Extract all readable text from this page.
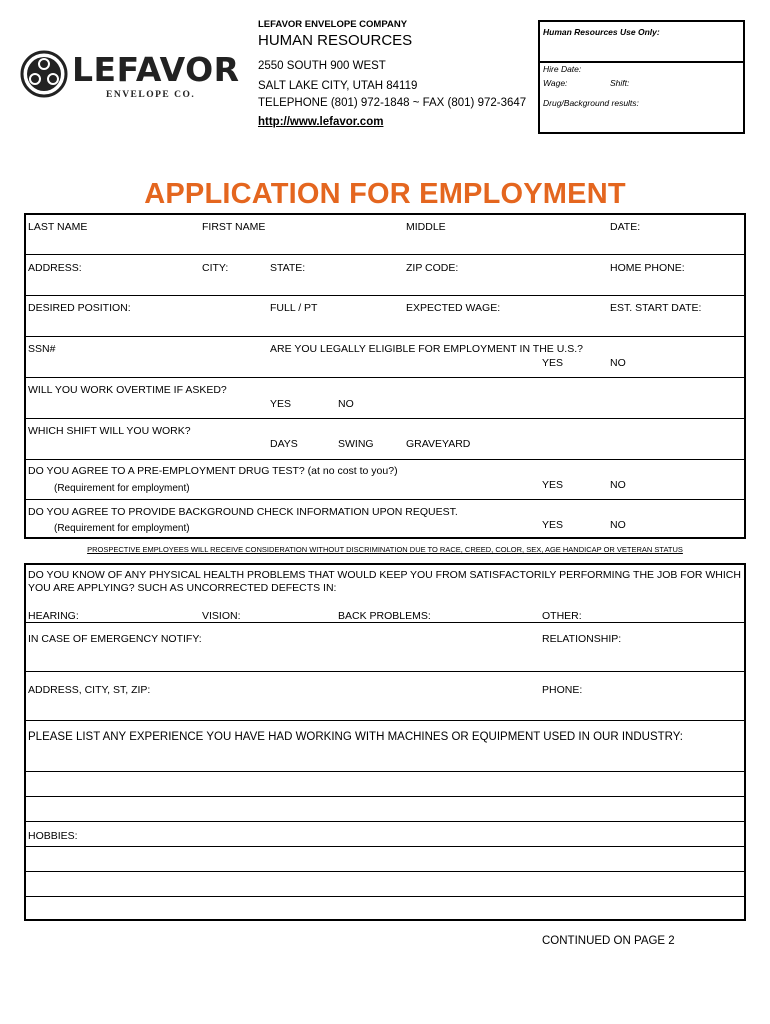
LEFAVOR
ENVELOPE CO.
LEFAVOR ENVELOPE COMPANY
HUMAN RESOURCES
2550 SOUTH 900 WEST
SALT LAKE CITY, UTAH 84119
TELEPHONE (801) 972-1848 ~ FAX (801) 972-3647
http://www.lefavor.com
Human Resources Use Only:
Hire Date:
Wage:	Shift:
Drug/Background results:
APPLICATION FOR EMPLOYMENT
LAST NAME	FIRST NAME	MIDDLE	DATE:
ADDRESS:	CITY:	STATE:	ZIP CODE:	HOME PHONE:
DESIRED POSITION:	FULL / PT	EXPECTED WAGE:	EST. START DATE:
SSN#	ARE YOU LEGALLY ELIGIBLE FOR EMPLOYMENT IN THE U.S.?
YES	NO
WILL YOU WORK OVERTIME IF ASKED?
YES	NO
WHICH SHIFT WILL YOU WORK?
DAYS	SWING	GRAVEYARD
DO YOU AGREE TO A PRE-EMPLOYMENT DRUG TEST? (at no cost to you?)
(Requirement for employment)	YES	NO
DO YOU AGREE TO PROVIDE BACKGROUND CHECK INFORMATION UPON REQUEST.
(Requirement for employment)	YES	NO
PROSPECTIVE EMPLOYEES WILL RECEIVE CONSIDERATION WITHOUT DISCRIMINATION DUE TO RACE, CREED, COLOR, SEX, AGE HANDICAP OR VETERAN STATUS
DO YOU KNOW OF ANY PHYSICAL HEALTH PROBLEMS THAT WOULD KEEP YOU FROM SATISFACTORILY PERFORMING THE JOB FOR WHICH
YOU ARE APPLYING? SUCH AS UNCORRECTED DEFECTS IN:
HEARING:	VISION:	BACK PROBLEMS:	OTHER:
IN CASE OF EMERGENCY NOTIFY:	RELATIONSHIP:
ADDRESS, CITY, ST, ZIP:	PHONE:
PLEASE LIST ANY EXPERIENCE YOU HAVE HAD WORKING WITH MACHINES OR EQUIPMENT USED IN OUR INDUSTRY:
HOBBIES:
CONTINUED ON PAGE 2
